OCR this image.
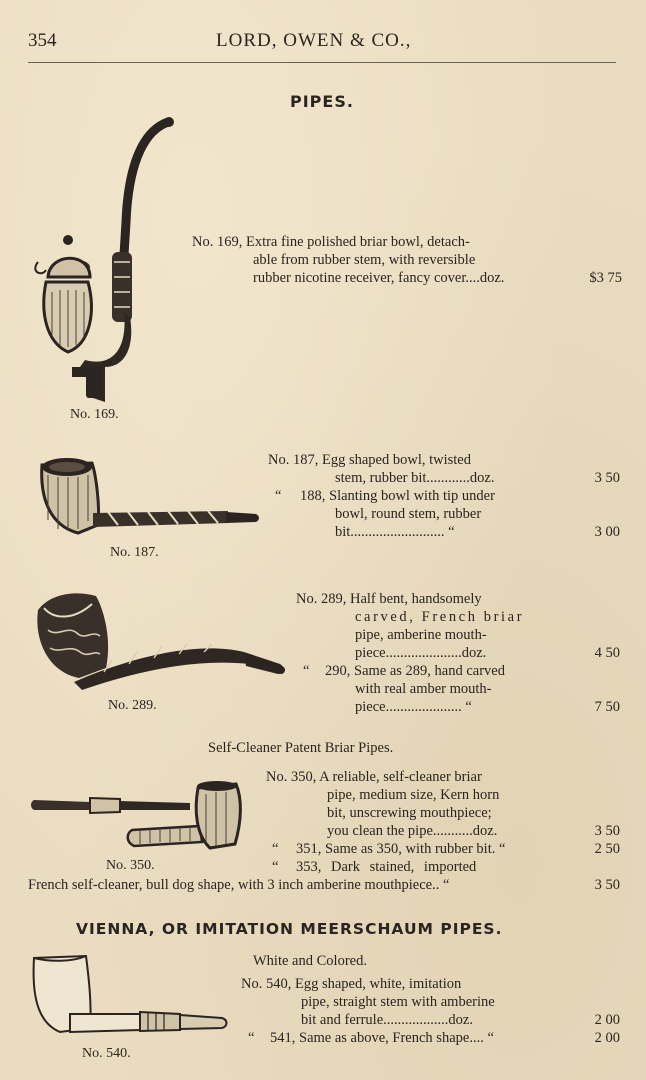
354	LORD, OWEN & CO.,
PIPES.
No. 169.
No. 169, Extra fine polished briar bowl, detach-
able from rubber stem, with reversible
rubber nicotine receiver, fancy cover....doz.	$3 75
No. 187.
No. 187, Egg shaped bowl, twisted
stem, rubber bit............doz.	3 50
“ 188, Slanting bowl with tip under
bowl, round stem, rubber
bit.......................... “	3 00
No. 289.
No. 289, Half bent, handsomely
carved, French briar
pipe, amberine mouth-
piece.....................doz.	4 50
“ 290, Same as 289, hand carved
with real amber mouth-
piece..................... “	7 50
Self-Cleaner Patent Briar Pipes.
No. 350.
No. 350, A reliable, self-cleaner briar
pipe, medium size, Kern horn
bit, unscrewing mouthpiece;
you clean the pipe...........doz.	3 50
“ 351, Same as 350, with rubber bit. “	2 50
“ 353, Dark stained, imported
French self-cleaner, bull dog shape, with 3 inch amberine mouthpiece.. “	3 50
VIENNA, OR IMITATION MEERSCHAUM PIPES.
White and Colored.
No. 540.
No. 540, Egg shaped, white, imitation
pipe, straight stem with amberine
bit and ferrule..................doz.	2 00
“ 541, Same as above, French shape.... “	2 00
